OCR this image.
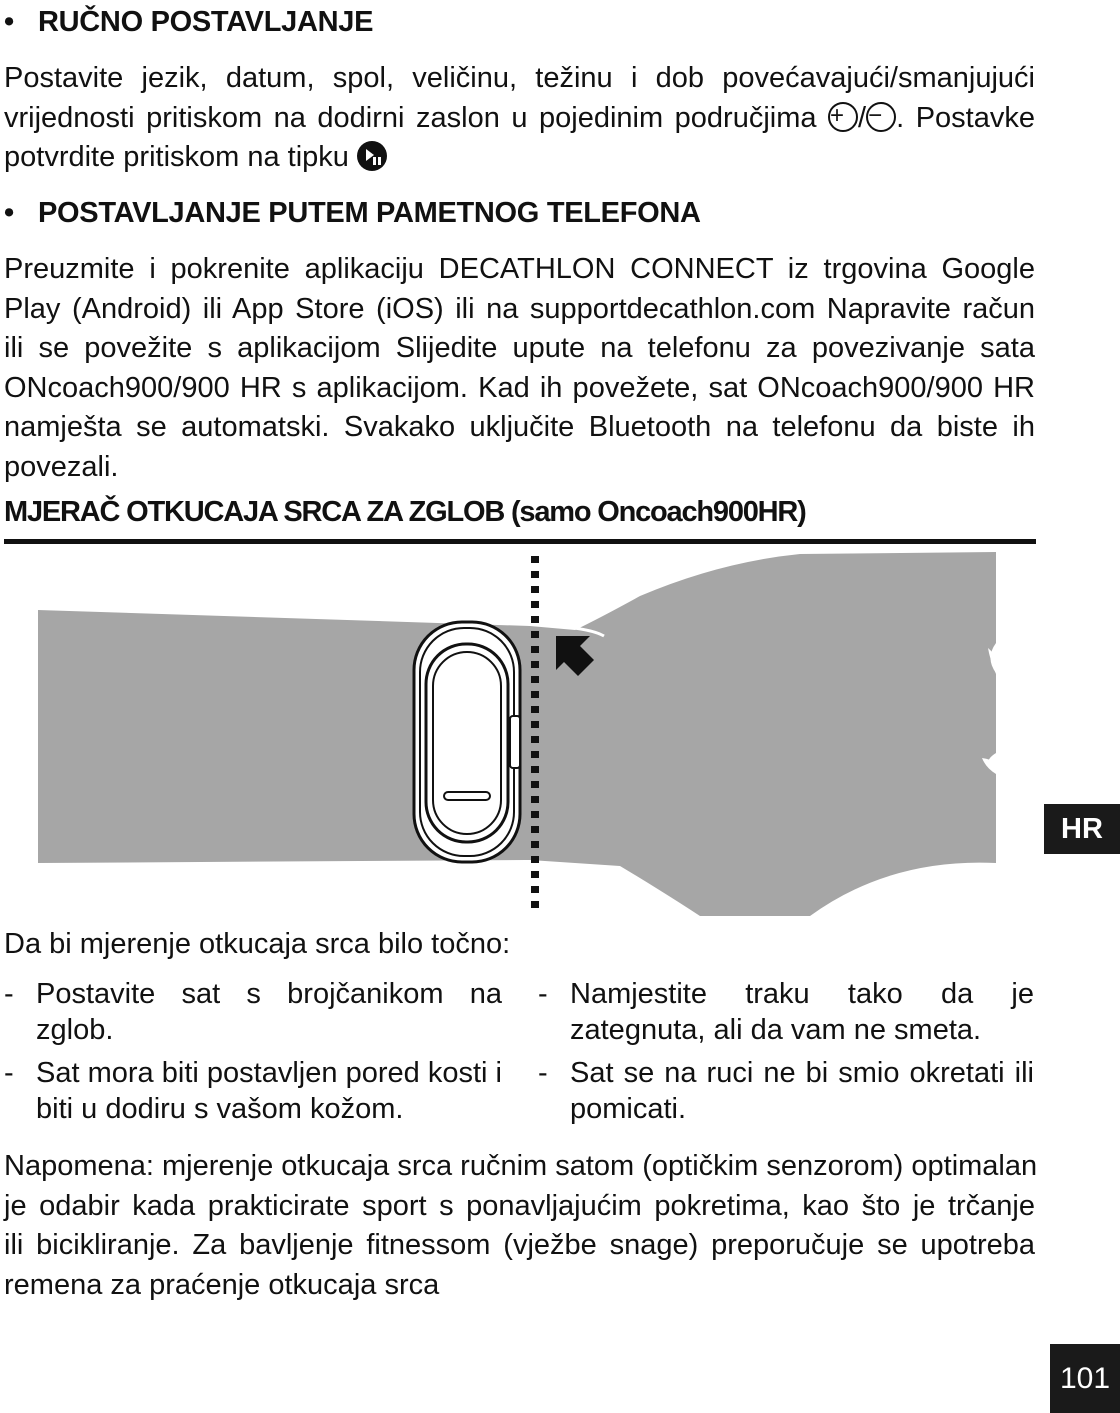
• RUČNO POSTAVLJANJE
Postavite jezik, datum, spol, veličinu, težinu i dob povećavajući/smanjujući
vrijednosti pritiskom na dodirni zaslon u pojedinim područjima + / − . Postavke
potvrdite pritiskom na tipku
• POSTAVLJANJE PUTEM PAMETNOG TELEFONA
Preuzmite i pokrenite aplikaciju DECATHLON CONNECT iz trgovina Google
Play (Android) ili App Store (iOS) ili na supportdecathlon.com Napravite račun
ili se povežite s aplikacijom Slijedite upute na telefonu za povezivanje sata
ONcoach900/900 HR s aplikacijom. Kad ih povežete, sat ONcoach900/900 HR
namješta se automatski. Svakako uključite Bluetooth na telefonu da biste ih
povezali.
MJERAČ OTKUCAJA SRCA ZA ZGLOB (samo Oncoach900HR)
HR
Da bi mjerenje otkucaja srca bilo točno:
- Postavite sat s brojčanikom na
zglob.
- Sat mora biti postavljen pored kosti i
biti u dodiru s vašom kožom.
- Namjestite traku tako da je
zategnuta, ali da vam ne smeta.
- Sat se na ruci ne bi smio okretati ili
pomicati.
Napomena: mjerenje otkucaja srca ručnim satom (optičkim senzorom) optimalan
je odabir kada prakticirate sport s ponavljajućim pokretima, kao što je trčanje
ili bicikliranje. Za bavljenje fitnessom (vježbe snage) preporučuje se upotreba
remena za praćenje otkucaja srca
101
